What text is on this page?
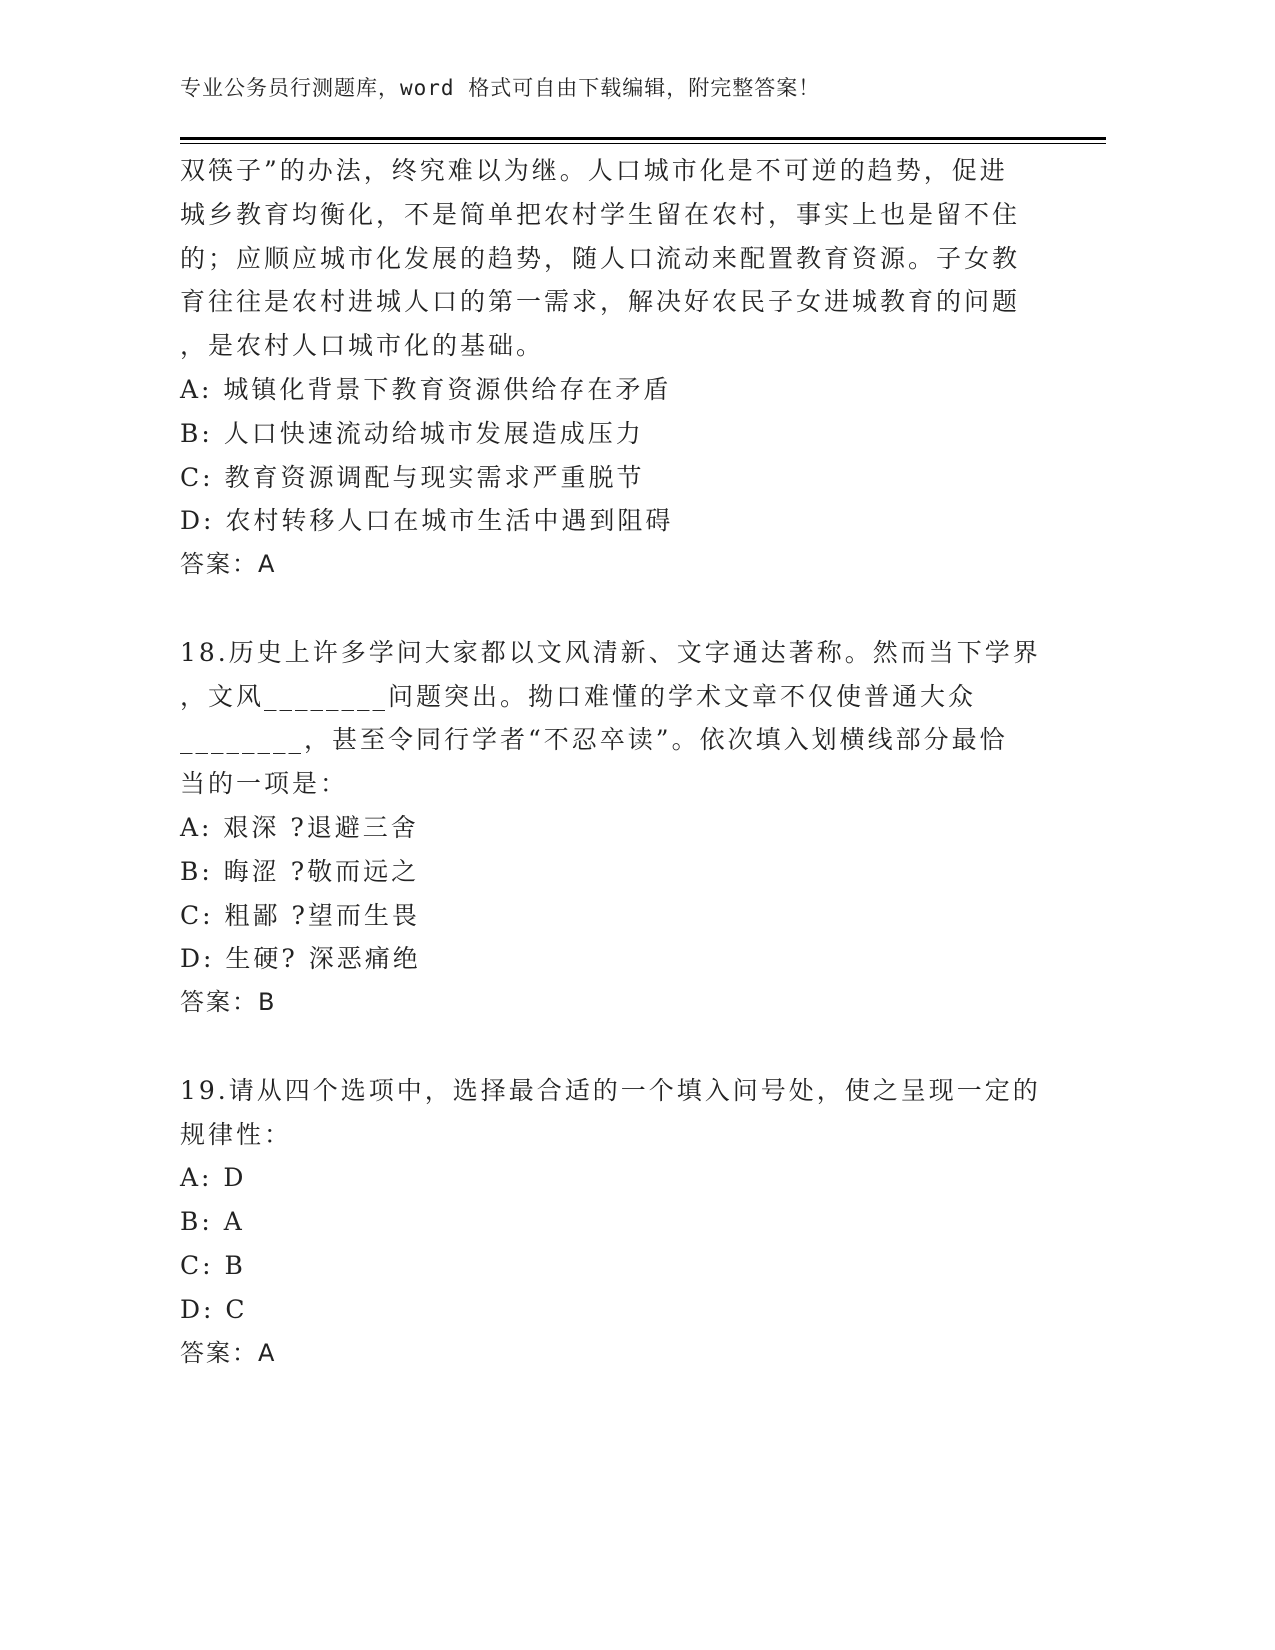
专业公务员行测题库，word 格式可自由下载编辑，附完整答案！
双筷子”的办法，终究难以为继。人口城市化是不可逆的趋势，促进
城乡教育均衡化，不是简单把农村学生留在农村，事实上也是留不住
的；应顺应城市化发展的趋势，随人口流动来配置教育资源。子女教
育往往是农村进城人口的第一需求，解决好农民子女进城教育的问题
，是农村人口城市化的基础。
A: 城镇化背景下教育资源供给存在矛盾
B: 人口快速流动给城市发展造成压力
C: 教育资源调配与现实需求严重脱节
D: 农村转移人口在城市生活中遇到阻碍
答案：A
18.历史上许多学问大家都以文风清新、文字通达著称。然而当下学界
，文风________问题突出。拗口难懂的学术文章不仅使普通大众
________，甚至令同行学者“不忍卒读”。依次填入划横线部分最恰
当的一项是：
A: 艰深 ?退避三舍
B: 晦涩 ?敬而远之
C: 粗鄙 ?望而生畏
D: 生硬? 深恶痛绝
答案：B
19.请从四个选项中，选择最合适的一个填入问号处，使之呈现一定的
规律性：
A: D
B: A
C: B
D: C
答案：A
